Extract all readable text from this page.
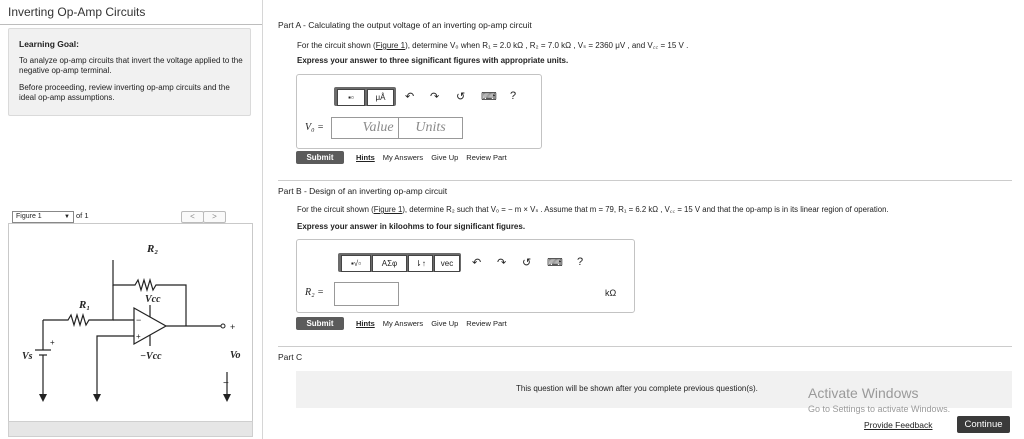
Inverting Op-Amp Circuits
Learning Goal:
To analyze op-amp circuits that invert the voltage applied to the negative op-amp terminal.
Before proceeding, review inverting op-amp circuits and the ideal op-amp assumptions.
Figure 1	▼ of 1	<	>
R₂
R₁	Vcc
−Vcc
Vs	Vo
+
−
+
−
+
Part A - Calculating the output voltage of an inverting op-amp circuit
For the circuit shown (Figure 1), determine V₀ when R₁ = 2.0 kΩ , R₂ = 7.0 kΩ , Vₛ = 2360 μV , and V꜀꜀ = 15 V .
Express your answer to three significant figures with appropriate units.
▪▫	μÅ	↶ ↷ ↺ ⌨ ?
V₀ =	Value	Units
Submit	Hints My Answers Give Up Review Part
Part B - Design of an inverting op-amp circuit
For the circuit shown (Figure 1), determine R₂ such that V₀ = − m × Vₛ . Assume that m = 79, R₁ = 6.2 kΩ , V꜀꜀ = 15 V and that the op-amp is in its linear region of operation.
Express your answer in kiloohms to four significant figures.
▪√▫	ΑΣφ	⇂↑	vec	↶ ↷ ↺ ⌨ ?
R₂ =	kΩ
Submit	Hints My Answers Give Up Review Part
Part C
This question will be shown after you complete previous question(s).	Activate Windows
Go to Settings to activate Windows.
Provide Feedback	Continue
